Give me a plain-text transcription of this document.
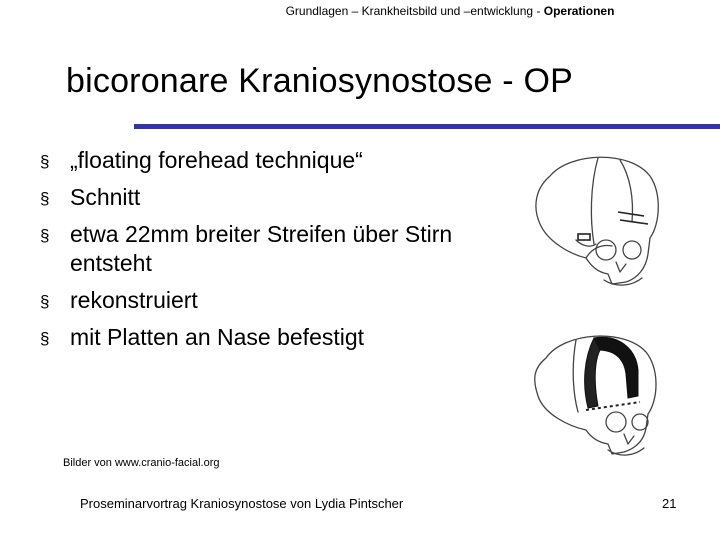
Grundlagen – Krankheitsbild und –entwicklung - Operationen
bicoronare Kraniosynostose - OP
§ „floating forehead technique“
§ Schnitt
§ etwa 22mm breiter Streifen über Stirn entsteht
§ rekonstruiert
§ mit Platten an Nase befestigt
Bilder von www.cranio-facial.org
Proseminarvortrag Kraniosynostose von Lydia Pintscher	21
